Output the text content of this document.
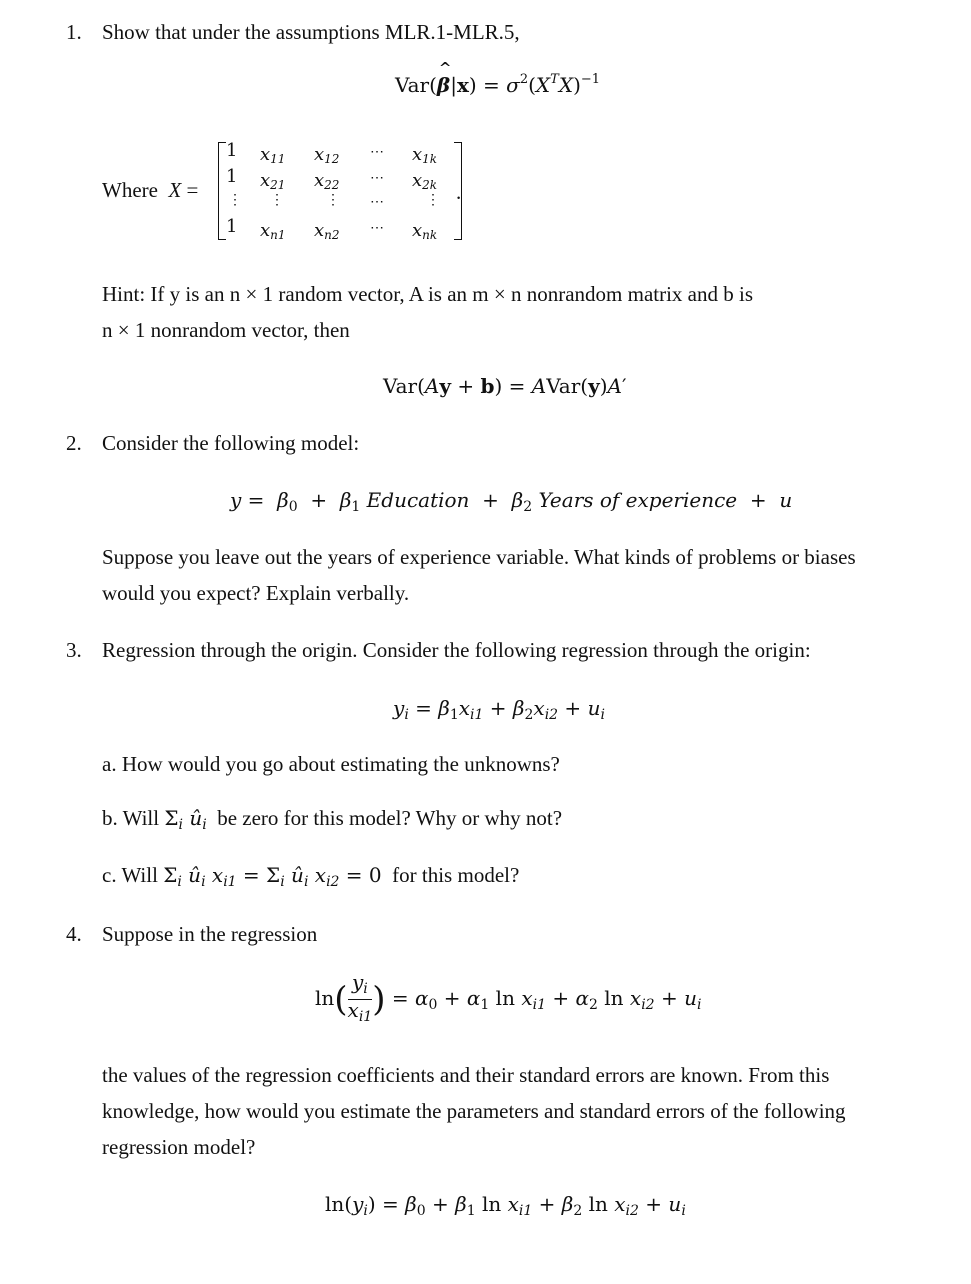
1. Show that under the assumptions MLR.1-MLR.5,
Var(^ $\beta|x) = \sigma^2(X^TX)^{-1}$
Where X =
1 x11 x12 ⋯ x1k
1 x21 x22 ⋯ x2k
⋮ ⋮	⋮ ⋯	⋮
1 xn1 xn2 ⋯ xnk
.
Hint: If y is an n × 1 random vector, A is an m × n nonrandom matrix and b is
n × 1 nonrandom vector, then
Var(Ay + b) = AVar(y)A′
2. Consider the following model:
$y = \beta_0 + \beta_1$ Education  +  $\beta_2$ Years of experience  +  u
Suppose you leave out the years of experience variable. What kinds of problems or biases
would you expect? Explain verbally.
3. Regression through the origin. Consider the following regression through the origin:
$y_i = \beta_1x_{i1} + \beta_2x_{i2} + u_i$
a. How would you go about estimating the unknowns?
b. Will $\Sigma_i$ $û_i$ be zero for this model? Why or why not?
c. Will $\Sigma_i$ $û_i$ $x_{i1} = \Sigma_i$ $û_i$ $x_{i2} = 0$ for this model?
4. Suppose in the regression
$\ln( \frac{y_i}{x_{i1}}$ ) = $\alpha_0 + \alpha_1$ $\ln x_{i1} + \alpha_2$ $\ln x_{i2} + u_i$
the values of the regression coefficients and their standard errors are known. From this
knowledge, how would you estimate the parameters and standard errors of the following
regression model?
$\ln(y_i) = \beta_0 + \beta_1$ $\ln x_{i1} + \beta_2$ $\ln x_{i2} + u_i$
